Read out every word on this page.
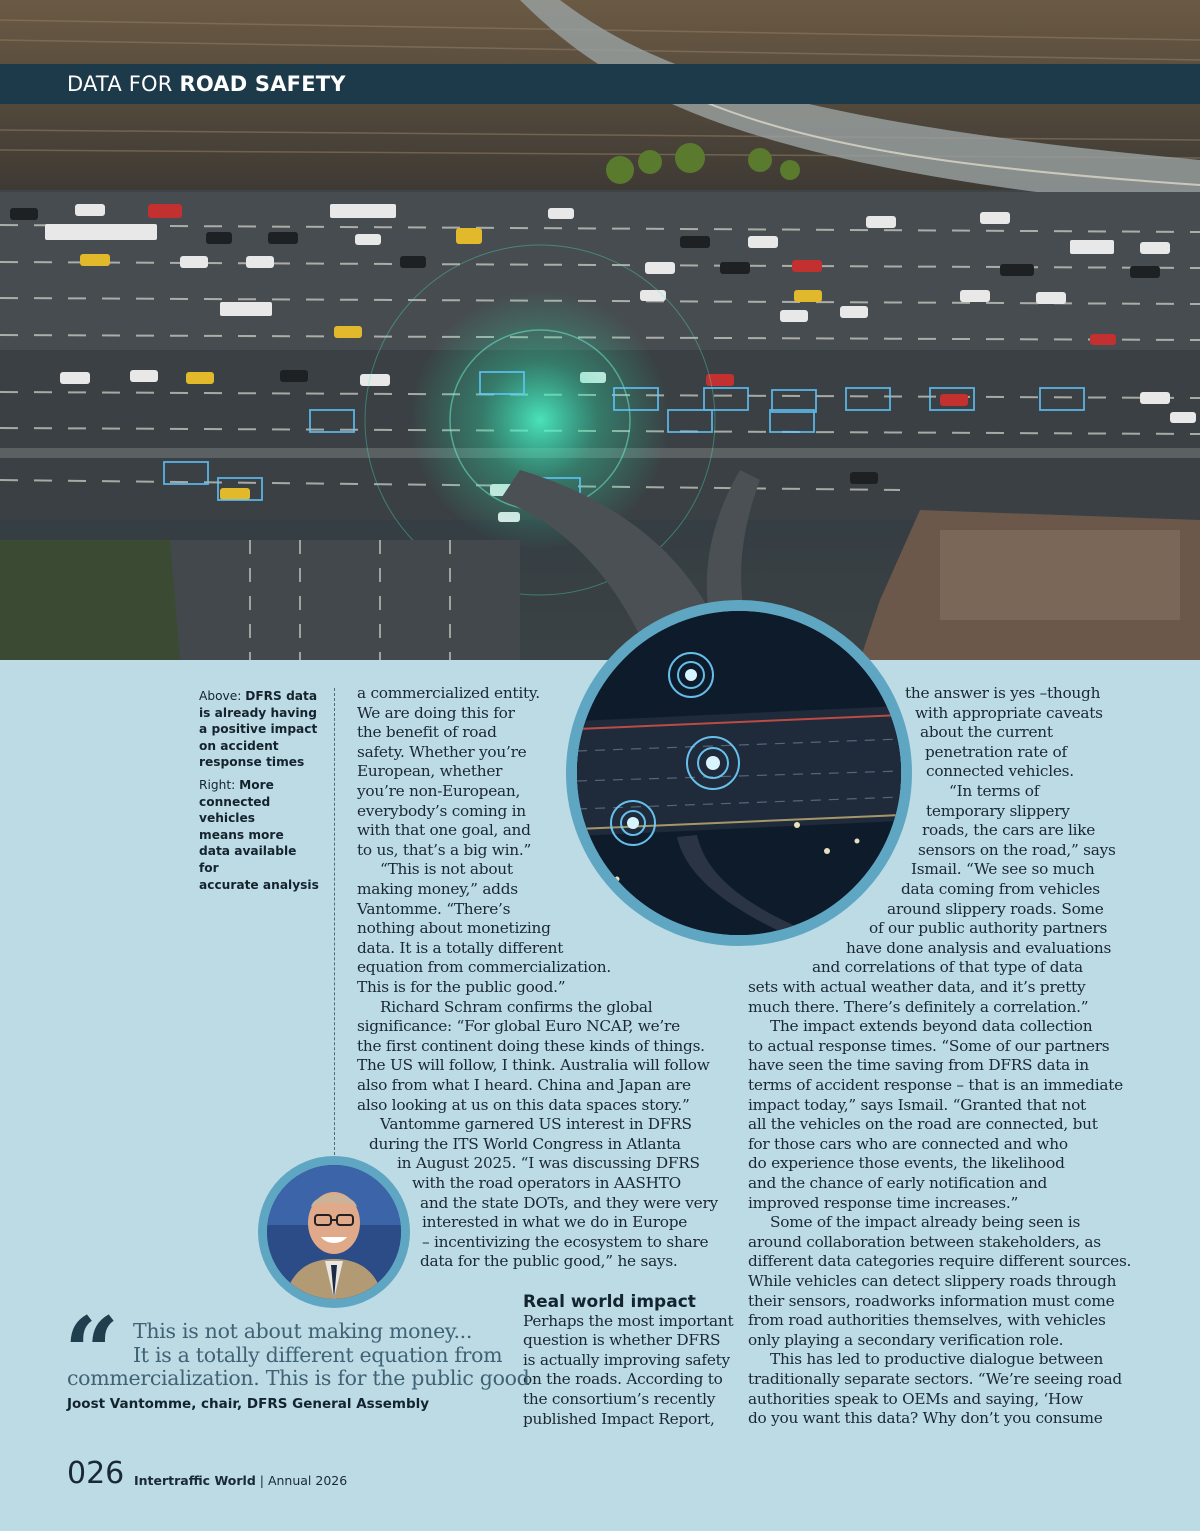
DATA FOR ROAD SAFETY
Above: DFRS data
is already having
a positive impact
on accident
response times
Right: More
connected vehicles
means more
data available for
accurate analysis
a commercialized entity.
We are doing this for
the benefit of road
safety. Whether you’re
European, whether
you’re non-European,
everybody’s coming in
with that one goal, and
to us, that’s a big win.”
“This is not about
making money,” adds
Vantomme. “There’s
nothing about monetizing
data. It is a totally different
equation from commercialization.
This is for the public good.”
Richard Schram confirms the global
significance: “For global Euro NCAP, we’re
the first continent doing these kinds of things.
The US will follow, I think. Australia will follow
also from what I heard. China and Japan are
also looking at us on this data spaces story.”
Vantomme garnered US interest in DFRS
during the ITS World Congress in Atlanta
in August 2025. “I was discussing DFRS
with the road operators in AASHTO
and the state DOTs, and they were very
interested in what we do in Europe
– incentivizing the ecosystem to share
data for the public good,” he says.
Real world impact
Perhaps the most important
question is whether DFRS
is actually improving safety
on the roads. According to
the consortium’s recently
published Impact Report,
the answer is yes –though
with appropriate caveats
about the current
penetration rate of
connected vehicles.
“In terms of
temporary slippery
roads, the cars are like
sensors on the road,” says
Ismail. “We see so much
data coming from vehicles
around slippery roads. Some
of our public authority partners
have done analysis and evaluations
and correlations of that type of data
sets with actual weather data, and it’s pretty
much there. There’s definitely a correlation.”
The impact extends beyond data collection
to actual response times. “Some of our partners
have seen the time saving from DFRS data in
terms of accident response – that is an immediate
impact today,” says Ismail. “Granted that not
all the vehicles on the road are connected, but
for those cars who are connected and who
do experience those events, the likelihood
and the chance of early notification and
improved response time increases.”
Some of the impact already being seen is
around collaboration between stakeholders, as
different data categories require different sources.
While vehicles can detect slippery roads through
their sensors, roadworks information must come
from road authorities themselves, with vehicles
only playing a secondary verification role.
This has led to productive dialogue between
traditionally separate sectors. “We’re seeing road
authorities speak to OEMs and saying, ‘How
do you want this data? Why don’t you consume
“ This is not about making money...
It is a totally different equation from
commercialization. This is for the public good
Joost Vantomme, chair, DFRS General Assembly
026 Intertraffic World | Annual 2026
